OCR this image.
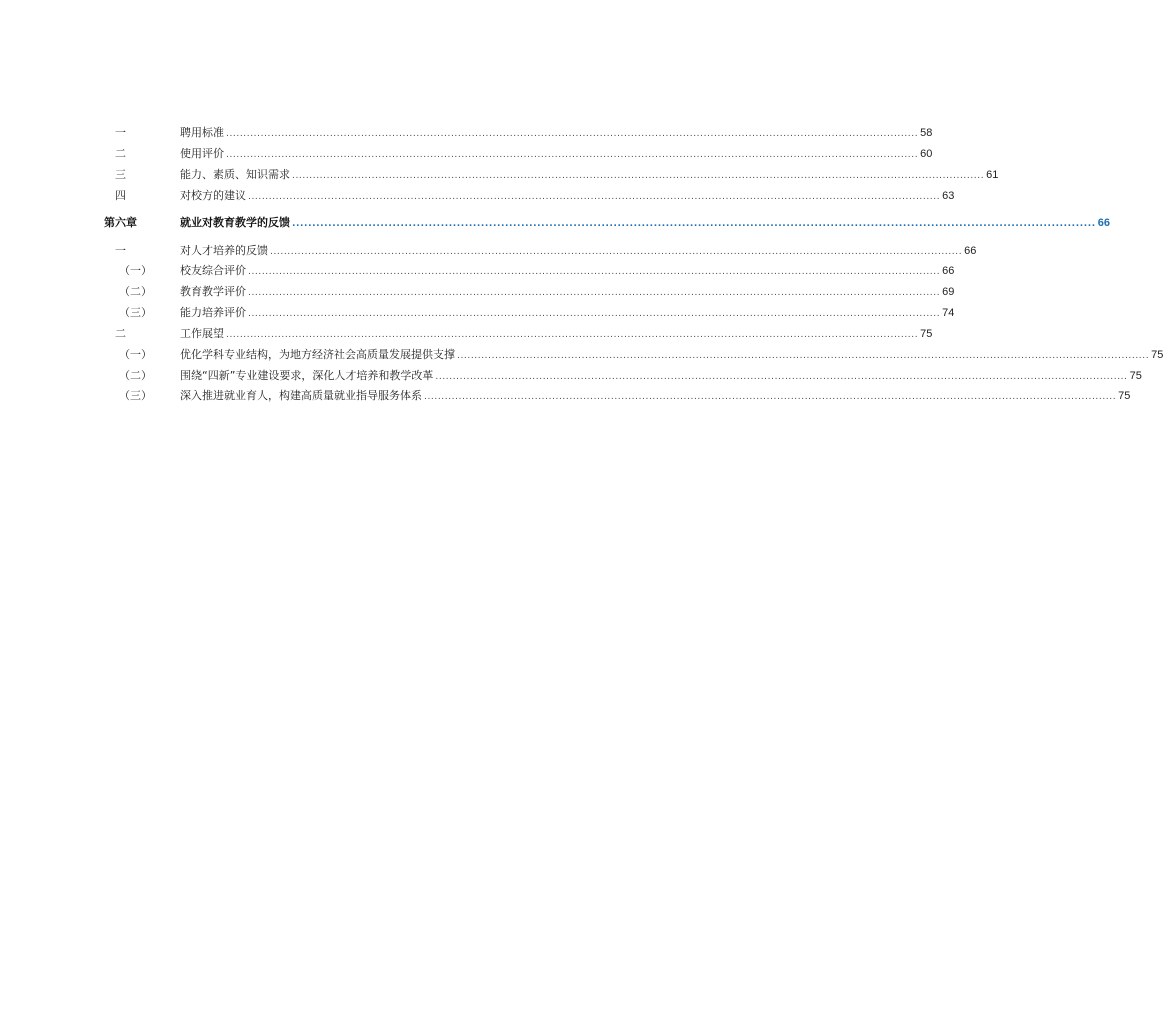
一	聘用标准 ........................................................................................................................................................................................................ 58
二	使用评价 ........................................................................................................................................................................................................ 60
三	能力、素质、知识需求 ........................................................................................................................................................................................................ 61
四	对校方的建议 ........................................................................................................................................................................................................ 63
第六章	就业对教育教学的反馈 ........................................................................................................................................................................................................ 66
一	对人才培养的反馈 ........................................................................................................................................................................................................ 66
（一）	校友综合评价 ........................................................................................................................................................................................................ 66
（二）	教育教学评价 ........................................................................................................................................................................................................ 69
（三）	能力培养评价 ........................................................................................................................................................................................................ 74
二	工作展望 ........................................................................................................................................................................................................ 75
（一）	优化学科专业结构，为地方经济社会高质量发展提供支撑 ........................................................................................................................................................................................................ 75
（二）	围绕“四新”专业建设要求，深化人才培养和教学改革 ........................................................................................................................................................................................................ 75
（三）	深入推进就业育人，构建高质量就业指导服务体系 ........................................................................................................................................................................................................ 75
